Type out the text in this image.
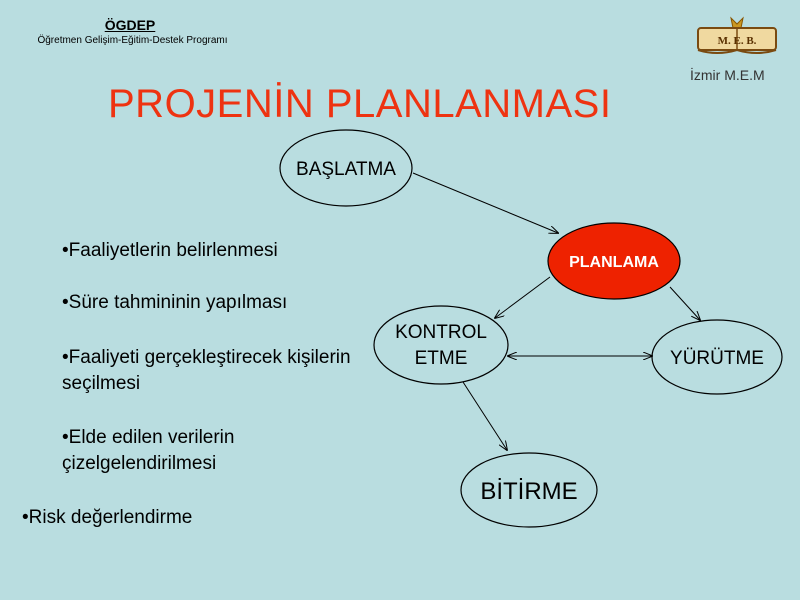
ÖGDEP
Öğretmen Gelişim-Eğitim-Destek Programı	M. E. B.
İzmir M.E.M
PROJENİN PLANLANMASI
•Faaliyetlerin belirlenmesi
•Süre tahmininin yapılması
•Faaliyeti gerçekleştirecek kişilerin seçilmesi
•Elde edilen verilerin çizelgelendirilmesi
•Risk değerlendirme
BAŞLATMA
PLANLAMA
KONTROL
ETME	YÜRÜTME
BİTİRME
